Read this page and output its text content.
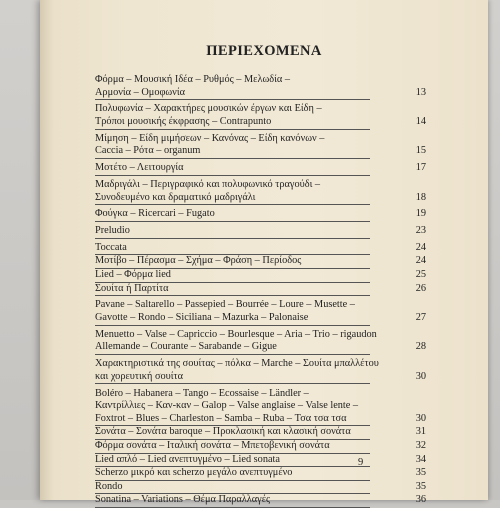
ΠΕΡΙΕΧΟΜΕΝΑ
Φόρμα – Μουσική Ιδέα – Ρυθμός – Μελωδία –
Αρμονία – Ομοφωνία	13
Πολυφωνία – Χαρακτήρες μουσικών έργων και Είδη –
Τρόποι μουσικής έκφρασης – Contrapunto	14
Μίμηση – Είδη μιμήσεων – Κανόνας – Είδη κανόνων –
Caccia – Ρότα – organum	15
Μοτέτο – Λειτουργία	17
Μαδριγάλι – Περιγραφικό και πολυφωνικό τραγούδι –
Συνοδευμένο και δραματικό μαδριγάλι	18
Φούγκα – Ricercari – Fugato	19
Preludio	23
Toccata	24
Μοτίβο – Πέρασμα – Σχήμα – Φράση – Περίοδος	24
Lied – Φόρμα lied	25
Σουίτα ή Παρτίτα	26
Pavane – Saltarello – Passepied – Bourrée – Loure – Musette –
Gavotte – Rondo – Siciliana – Mazurka – Palonaise	27
Menuetto – Valse – Capriccio – Bourlesque – Aria – Trio – rigaudon
Allemande – Courante – Sarabande – Gigue	28
Χαρακτηριστικά της σουίτας – πόλκα – Marche – Σουίτα μπαλλέτου
και χορευτική σουίτα	30
Boléro – Habanera – Tango – Ecossaise – Ländler –
Καντρίλλιες – Καν-καν – Galop – Valse anglaise – Valse lente –
Foxtrot – Blues – Charleston – Samba – Ruba – Τσα τσα τσα	30
Σονάτα – Σονάτα baroque – Προκλασική και κλασική σονάτα	31
Φόρμα σονάτα – Ιταλική σονάτα – Μπετοβενική σονάτα	32
Lied απλό – Lied ανεπτυγμένο – Lied sonata	34
Scherzo μικρό και scherzo μεγάλο ανεπτυγμένο	35
Rondo	35
Sonatina – Variations – Θέμα Παραλλαγές	36
9
